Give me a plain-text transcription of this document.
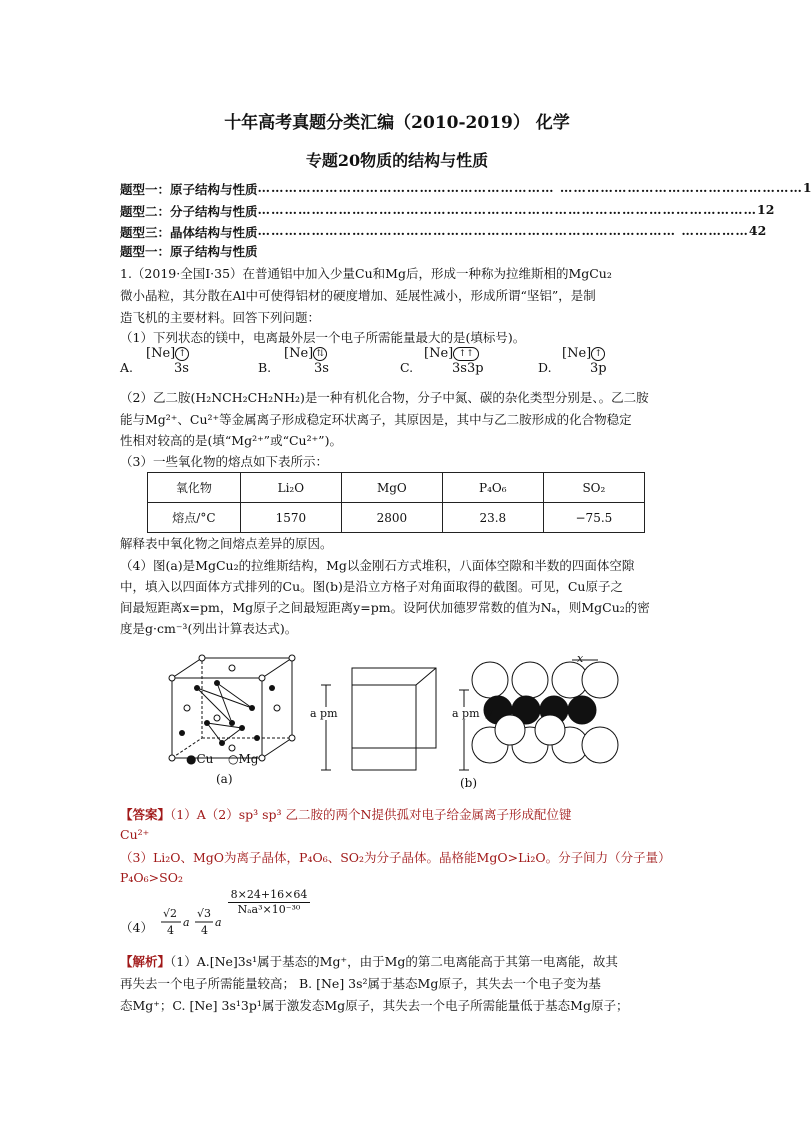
十年高考真题分类汇编（2010-2019） 化学
专题20物质的结构与性质
题型一：原子结构与性质 ………………………………………………………… ……………………………………………… 1
题型二：分子结构与性质 ………………………………………………………………………………………………… 12
题型三：晶体结构与性质 ………………………………………………………………………………… …………… 42
题型一：原子结构与性质
1.（2019·全国Ⅰ·35）在普通铝中加入少量Cu和Mg后，形成一种称为拉维斯相的MgCu₂
微小晶粒，其分散在Al中可使得铝材的硬度增加、延展性减小，形成所谓“坚铝”，是制
造飞机的主要材料。回答下列问题：
（1）下列状态的镁中，电离最外层一个电子所需能量最大的是(填标号)。
A.
[Ne] ↑
3s	B.
[Ne] ⇅
3s	C.
[Ne] ↑↑
3s3p	D.
[Ne] ↑
3p
（2）乙二胺(H₂NCH₂CH₂NH₂)是一种有机化合物，分子中氮、碳的杂化类型分别是、。乙二胺
能与Mg²⁺、Cu²⁺等金属离子形成稳定环状离子，其原因是，其中与乙二胺形成的化合物稳定
性相对较高的是(填“Mg²⁺”或“Cu²⁺”)。
（3）一些氧化物的熔点如下表所示：
氧化物	Li₂O	MgO	P₄O₆	SO₂
熔点/°C	1570	2800	23.8	−75.5
解释表中氧化物之间熔点差异的原因。
（4）图(a)是MgCu₂的拉维斯结构，Mg以金刚石方式堆积，八面体空隙和半数的四面体空隙
中，填入以四面体方式排列的Cu。图(b)是沿立方格子对角面取得的截图。可见，Cu原子之
间最短距离x=pm，Mg原子之间最短距离y=pm。设阿伏加德罗常数的值为Nₐ，则MgCu₂的密
度是g·cm⁻³(列出计算表达式)。
●Cu ○Mg
(a)
a pm	a pm
x
y
(b)
【答案】（1）A（2）sp³ sp³ 乙二胺的两个N提供孤对电子给金属离子形成配位键
Cu²⁺
（3）Li₂O、MgO为离子晶体，P₄O₆、SO₂为分子晶体。晶格能MgO>Li₂O。分子间力（分子量）
P₄O₆>SO₂
（4）
√2
4
a
√3
4
a
8×24+16×64
Nₐa³×10⁻³⁰
【解析】（1）A.[Ne]3s¹属于基态的Mg⁺，由于Mg的第二电离能高于其第一电离能，故其
再失去一个电子所需能量较高； B. [Ne] 3s²属于基态Mg原子，其失去一个电子变为基
态Mg⁺；C. [Ne] 3s¹3p¹属于激发态Mg原子，其失去一个电子所需能量低于基态Mg原子；
